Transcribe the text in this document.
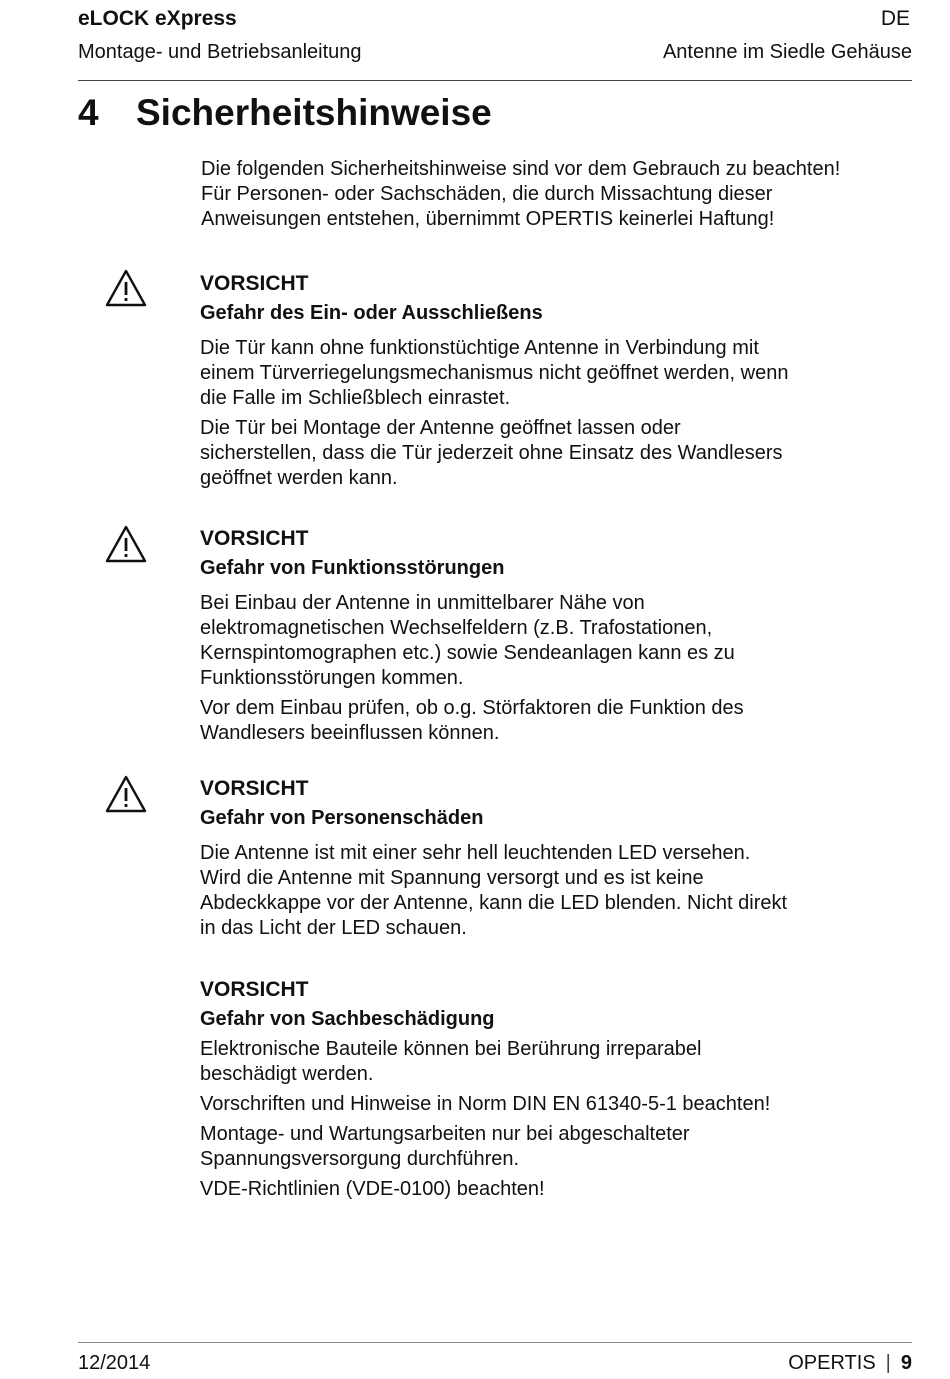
eLOCK eXpress	DE
Montage- und Betriebsanleitung	Antenne im Siedle Gehäuse
4 Sicherheitshinweise
Die folgenden Sicherheitshinweise sind vor dem Gebrauch zu beachten!
Für Personen- oder Sachschäden, die durch Missachtung dieser
Anweisungen entstehen, übernimmt OPERTIS keinerlei Haftung!
VORSICHT
Gefahr des Ein- oder Ausschließens

Die Tür kann ohne funktionstüchtige Antenne in Verbindung mit einem Türverriegelungsmechanismus nicht geöffnet werden, wenn die Falle im Schließblech einrastet.

Die Tür bei Montage der Antenne geöffnet lassen oder sicherstellen, dass die Tür jederzeit ohne Einsatz des Wandlesers geöffnet werden kann.

VORSICHT
Gefahr von Funktionsstörungen

Bei Einbau der Antenne in unmittelbarer Nähe von elektromagnetischen Wechselfeldern (z.B. Trafostationen, Kernspintomographen etc.) sowie Sendeanlagen kann es zu Funktionsstörungen kommen.

Vor dem Einbau prüfen, ob o.g. Störfaktoren die Funktion des Wandlesers beeinflussen können.

VORSICHT
Gefahr von Personenschäden

Die Antenne ist mit einer sehr hell leuchtenden LED versehen. Wird die Antenne mit Spannung versorgt und es ist keine Abdeckkappe vor der Antenne, kann die LED blenden. Nicht direkt in das Licht der LED schauen.

VORSICHT
Gefahr von Sachbeschädigung

Elektronische Bauteile können bei Berührung irreparabel beschädigt werden.

Vorschriften und Hinweise in Norm DIN EN 61340-5-1 beachten!

Montage- und Wartungsarbeiten nur bei abgeschalteter Spannungsversorgung durchführen.

VDE-Richtlinien (VDE-0100) beachten!

12/2014	OPERTIS | 9
